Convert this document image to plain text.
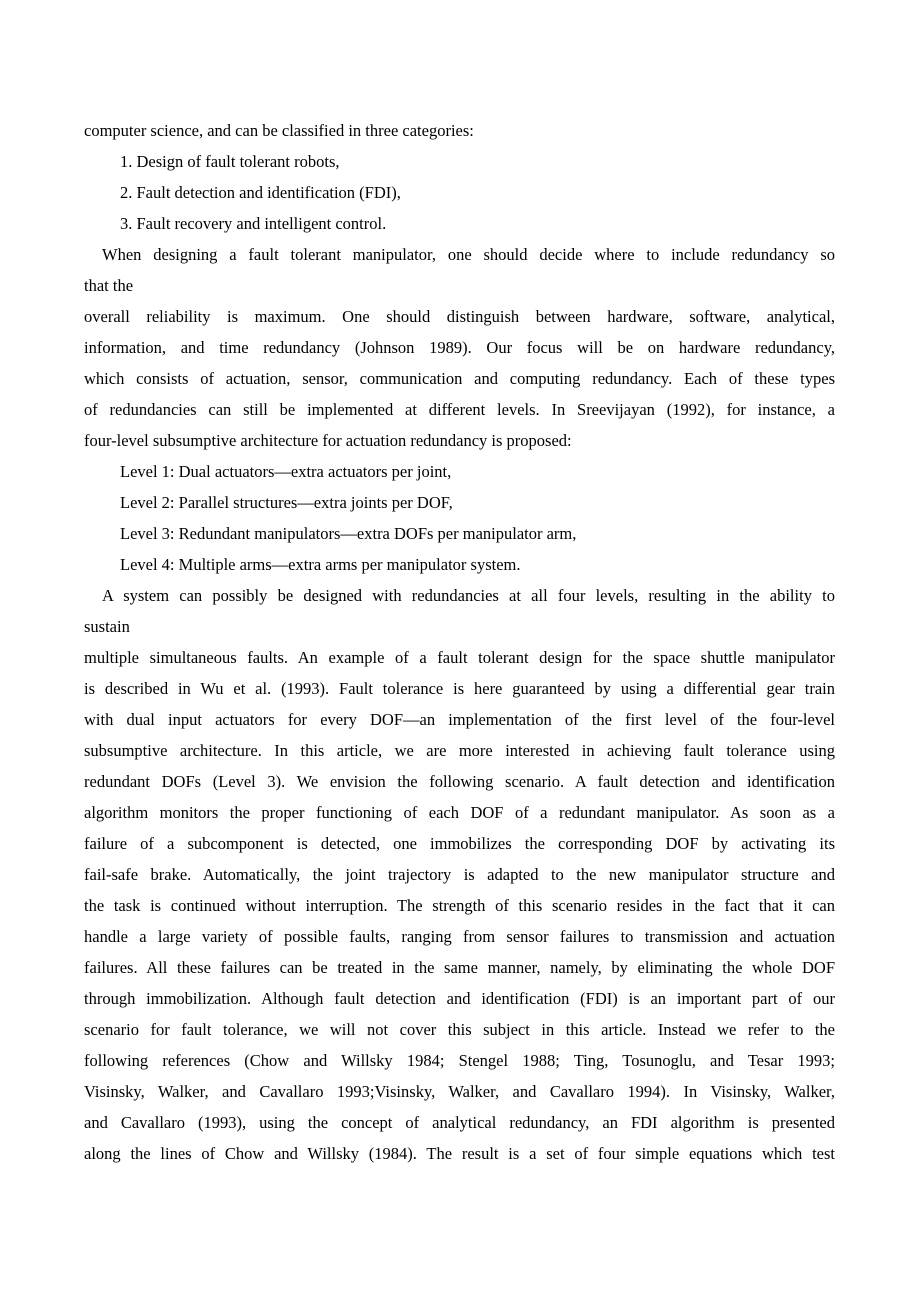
computer science, and can be classified in three categories:
1. Design of fault tolerant robots,
2. Fault detection and identification (FDI),
3. Fault recovery and intelligent control.
When designing a fault tolerant manipulator, one should decide where to include redundancy so
that the
overall reliability is maximum. One should distinguish between hardware, software, analytical,
information, and time redundancy (Johnson 1989). Our focus will be on hardware redundancy,
which consists of actuation, sensor, communication and computing redundancy. Each of these types
of redundancies can still be implemented at different levels. In Sreevijayan (1992), for instance, a
four-level subsumptive architecture for actuation redundancy is proposed:
Level 1: Dual actuators—extra actuators per joint,
Level 2: Parallel structures—extra joints per DOF,
Level 3: Redundant manipulators—extra DOFs per manipulator arm,
Level 4: Multiple arms—extra arms per manipulator system.
A system can possibly be designed with redundancies at all four levels, resulting in the ability to
sustain
multiple simultaneous faults. An example of a fault tolerant design for the space shuttle manipulator
is described in Wu et al. (1993). Fault tolerance is here guaranteed by using a differential gear train
with dual input actuators for every DOF—an implementation of the first level of the four-level
subsumptive architecture. In this article, we are more interested in achieving fault tolerance using
redundant DOFs (Level 3). We envision the following scenario. A fault detection and identification
algorithm monitors the proper functioning of each DOF of a redundant manipulator. As soon as a
failure of a subcomponent is detected, one immobilizes the corresponding DOF by activating its
fail-safe brake. Automatically, the joint trajectory is adapted to the new manipulator structure and
the task is continued without interruption. The strength of this scenario resides in the fact that it can
handle a large variety of possible faults, ranging from sensor failures to transmission and actuation
failures. All these failures can be treated in the same manner, namely, by eliminating the whole DOF
through immobilization. Although fault detection and identification (FDI) is an important part of our
scenario for fault tolerance, we will not cover this subject in this article. Instead we refer to the
following references (Chow and Willsky 1984; Stengel 1988; Ting, Tosunoglu, and Tesar 1993;
Visinsky, Walker, and Cavallaro 1993;Visinsky, Walker, and Cavallaro 1994). In Visinsky, Walker,
and Cavallaro (1993), using the concept of analytical redundancy, an FDI algorithm is presented
along the lines of Chow and Willsky (1984). The result is a set of four simple equations which test
